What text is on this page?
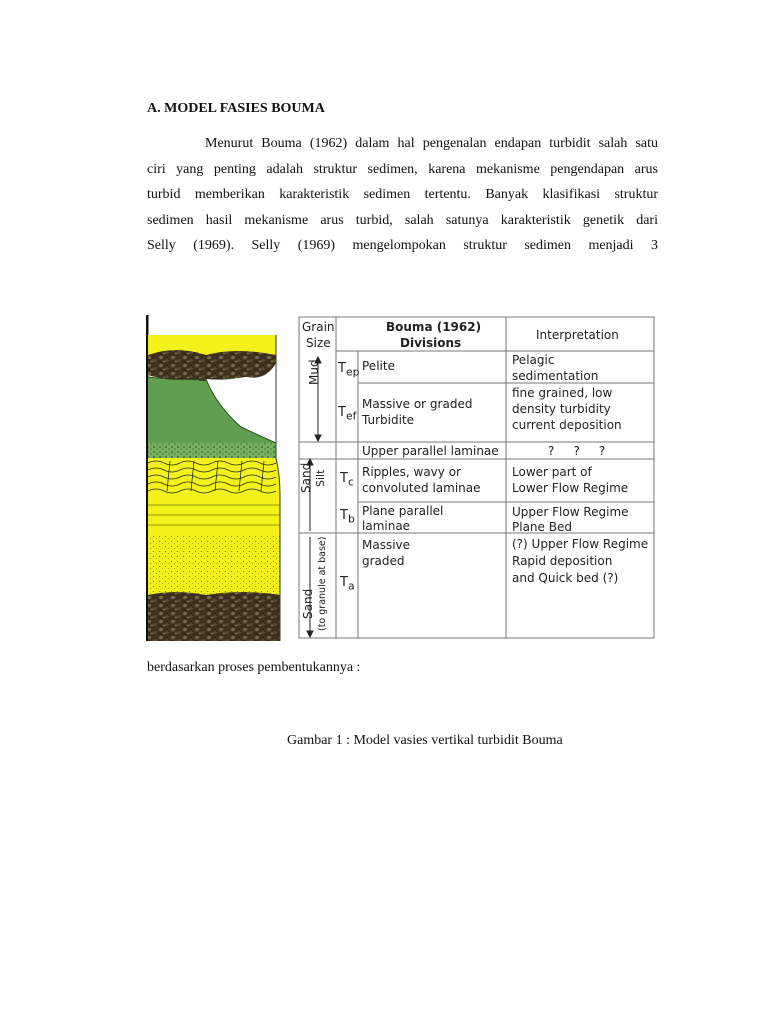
A. MODEL FASIES BOUMA
Menurut Bouma (1962) dalam hal pengenalan endapan turbidit salah satu
ciri yang penting adalah struktur sedimen, karena mekanisme pengendapan arus
turbid memberikan karakteristik sedimen tertentu. Banyak klasifikasi struktur
sedimen hasil mekanisme arus turbid, salah satunya karakteristik genetik dari
Selly (1969). Selly (1969) mengelompokan struktur sedimen menjadi 3
Grain
Size
Bouma (1962)
Divisions
Interpretation
Mud
Sand Silt
Sand (to granule at base)
$T_{ep}$
$T_{ef}$
$T_c$
$T_b$
$T_a$
Pelite
Massive or graded
Turbidite
Upper parallel laminae
Ripples, wavy or
convoluted laminae
Plane parallel
laminae
Massive
graded
Pelagic
sedimentation
fine grained, low
density turbidity
current deposition
?     ?     ?
Lower part of
Lower Flow Regime
Upper Flow Regime
Plane Bed
(?) Upper Flow Regime
Rapid deposition
and Quick bed (?)
berdasarkan proses pembentukannya :
Gambar 1 : Model vasies vertikal turbidit Bouma
